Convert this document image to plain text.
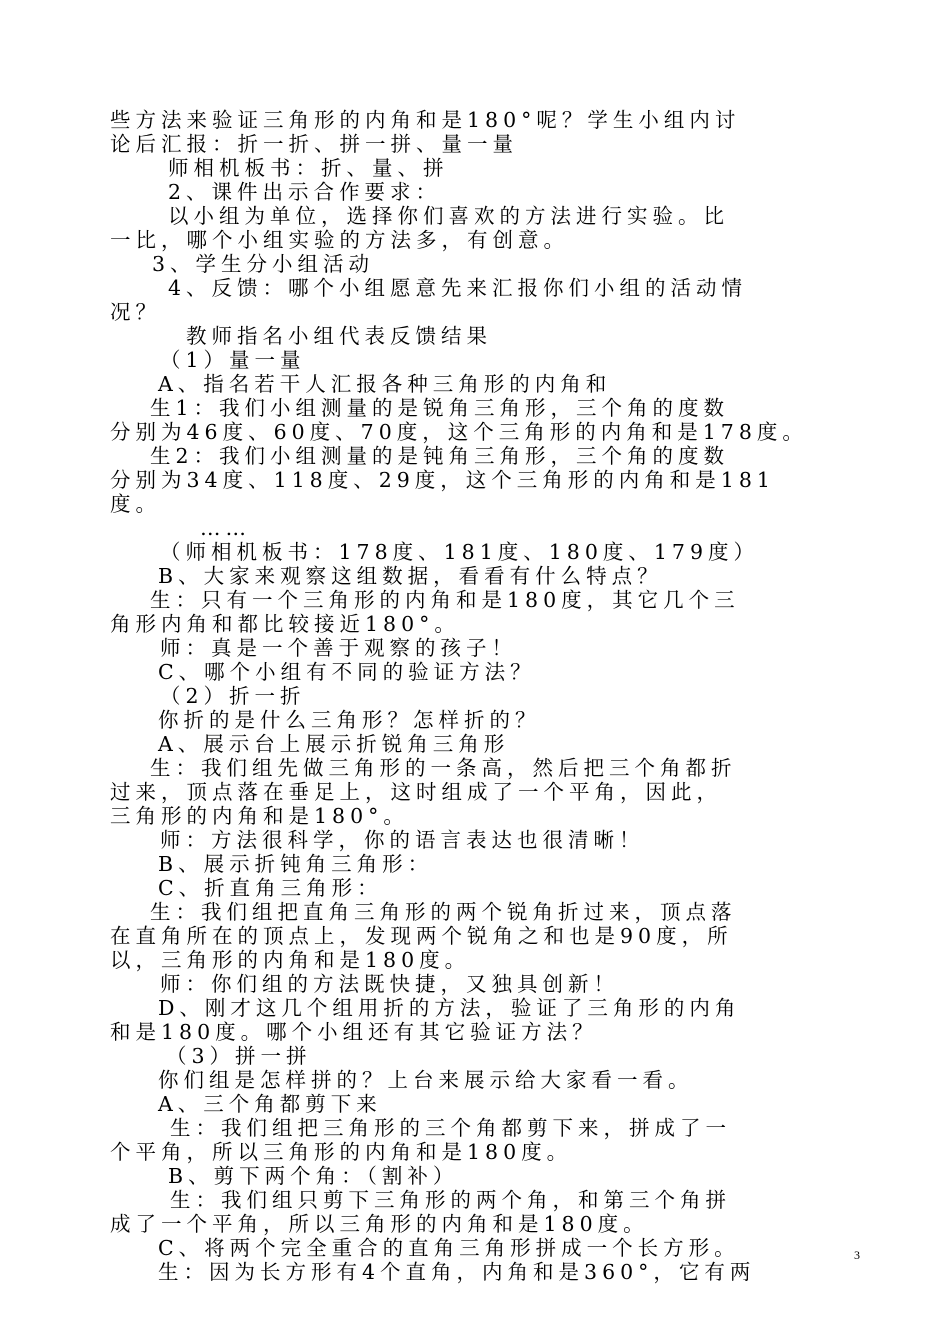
些方法来验证三角形的内角和是180°呢？学生小组内讨
论后汇报：折一折、拼一拼、量一量
师相机板书：折、量、拼
2、课件出示合作要求：
以小组为单位，选择你们喜欢的方法进行实验。比
一比，哪个小组实验的方法多，有创意。
3、学生分小组活动
4、反馈：哪个小组愿意先来汇报你们小组的活动情
况？
教师指名小组代表反馈结果
（1）量一量
A、指名若干人汇报各种三角形的内角和
生1：我们小组测量的是锐角三角形，三个角的度数
分别为46度、60度、70度，这个三角形的内角和是178度。
生2：我们小组测量的是钝角三角形，三个角的度数
分别为34度、118度、29度，这个三角形的内角和是181
度。
……
（师相机板书：178度、181度、180度、179度）
B、大家来观察这组数据，看看有什么特点？
生：只有一个三角形的内角和是180度，其它几个三
角形内角和都比较接近180°。
师：真是一个善于观察的孩子！
C、哪个小组有不同的验证方法？
（2）折一折
你折的是什么三角形？怎样折的？
A、展示台上展示折锐角三角形
生：我们组先做三角形的一条高，然后把三个角都折
过来，顶点落在垂足上，这时组成了一个平角，因此，
三角形的内角和是180°。
师：方法很科学，你的语言表达也很清晰！
B、展示折钝角三角形：
C、折直角三角形：
生：我们组把直角三角形的两个锐角折过来，顶点落
在直角所在的顶点上，发现两个锐角之和也是90度，所
以，三角形的内角和是180度。
师：你们组的方法既快捷，又独具创新！
D、刚才这几个组用折的方法，验证了三角形的内角
和是180度。哪个小组还有其它验证方法？
（3）拼一拼
你们组是怎样拼的？上台来展示给大家看一看。
A、三个角都剪下来
生：我们组把三角形的三个角都剪下来，拼成了一
个平角，所以三角形的内角和是180度。
B、剪下两个角：（割补）
生：我们组只剪下三角形的两个角，和第三个角拼
成了一个平角，所以三角形的内角和是180度。
C、将两个完全重合的直角三角形拼成一个长方形。
生：因为长方形有4个直角，内角和是360°，它有两
3
